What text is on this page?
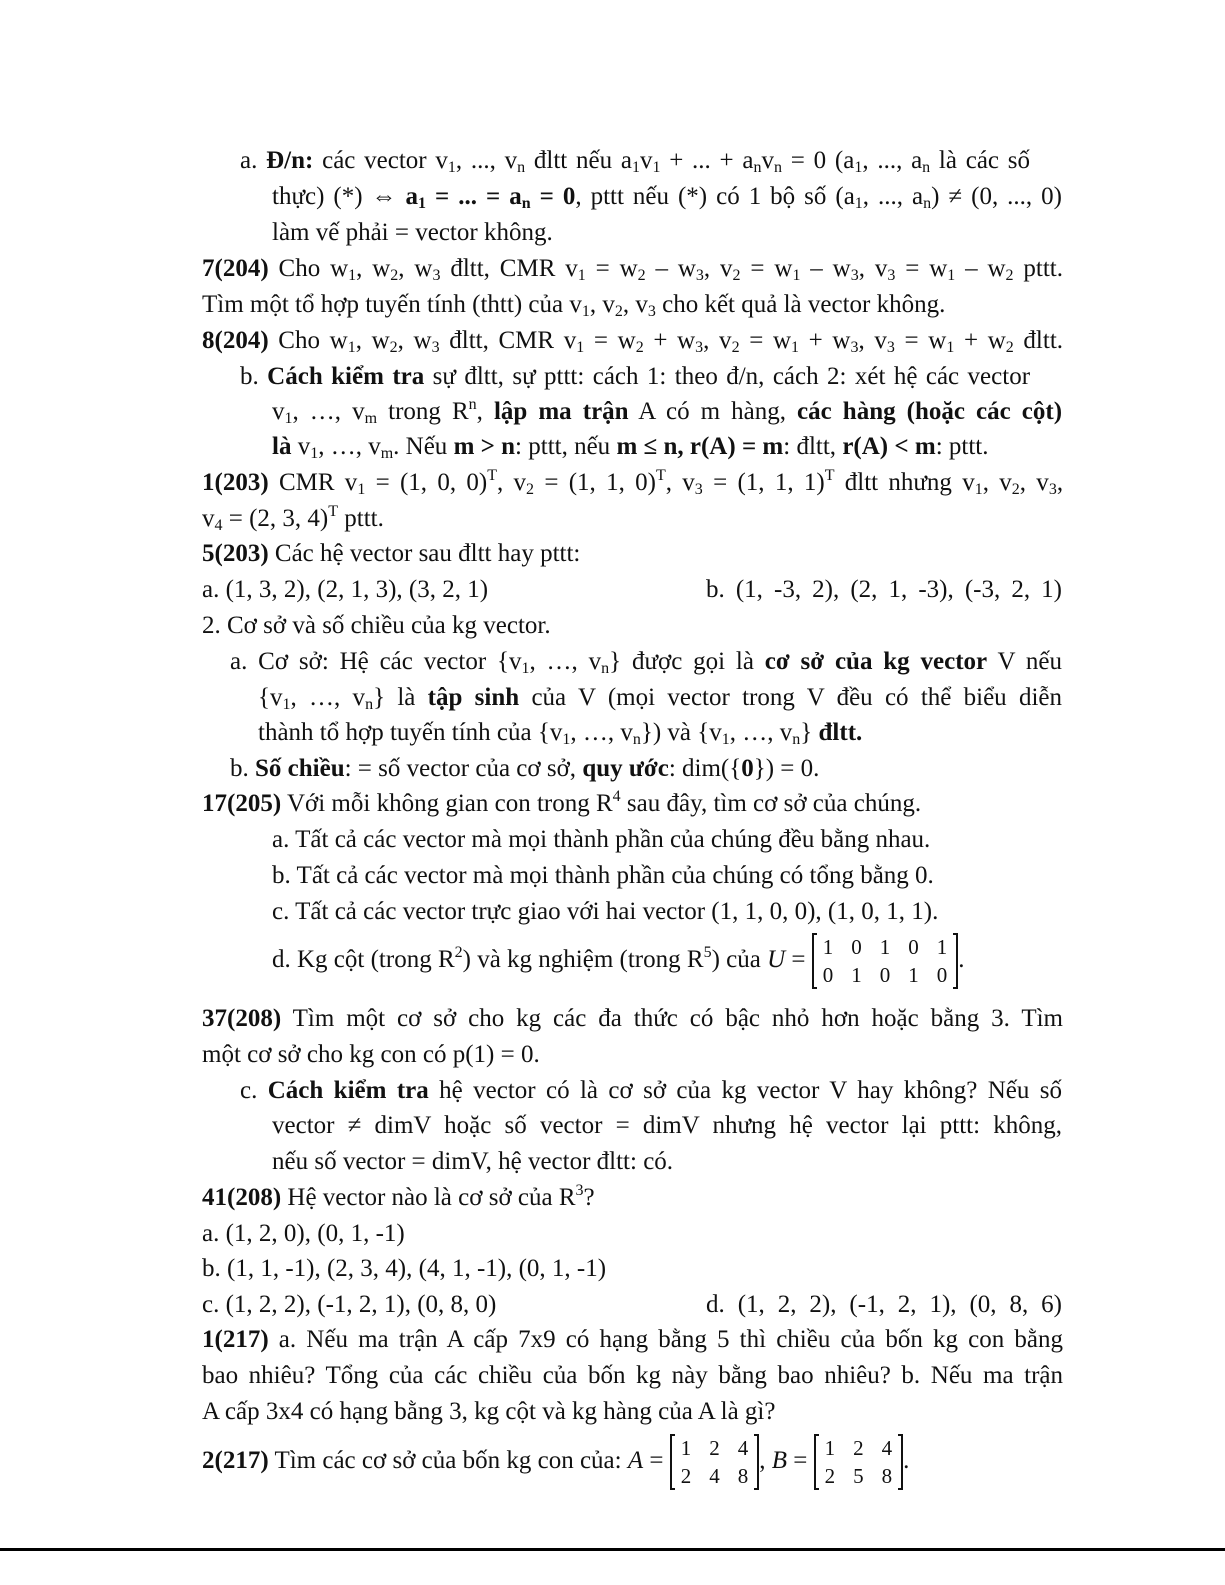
a. Đ/n: các vector $v_1$, ..., $v_n$ đltt nếu $a_1v_1$ + ... + $a_nv_n = 0$ ($a_1$, ..., $a_n$ là các số
thực) (*) ⇔ $a_1$ = ... = $a_n = 0$, pttt nếu (*) có 1 bộ số ($a_1$, ..., $a_n) \ne (0$, ..., 0)
làm vế phải = vector không.
7(204) Cho $w_1$, $w_2$, $w_3$ đltt, CMR $v_1 = w_2 - w_3$, $v_2 = w_1 - w_3$, $v_3 = w_1 - w_2$ pttt.
Tìm một tổ hợp tuyến tính (thtt) của $v_1$, $v_2$, $v_3$ cho kết quả là vector không.
8(204) Cho $w_1$, $w_2$, $w_3$ đltt, CMR $v_1 = w_2 + w_3$, $v_2 = w_1 + w_3$, $v_3 = w_1 + w_2$ đltt.
b. Cách kiểm tra sự đltt, sự pttt: cách 1: theo đ/n, cách 2: xét hệ các vector
$v_1$, …, $v_m$ trong $R^n$, lập ma trận A có m hàng, các hàng (hoặc các cột)
là $v_1$, …, $v_m$. Nếu m > n: pttt, nếu m ≤ n, r(A) = m: đltt, r(A) < m: pttt.
1(203) CMR $v_1 = (1$, 0, 0)$^T$, $v_2 = (1$, 1, 0)$^T$, $v_3 = (1$, 1, 1)$^T$ đltt nhưng $v_1$, $v_2$, $v_3$,
$v_4 = (2$, 3, 4)$^T$ pttt.
5(203) Các hệ vector sau đltt hay pttt:
a. (1, 3, 2), (2, 1, 3), (3, 2, 1)	b. (1, -3, 2), (2, 1, -3), (-3, 2, 1)
2. Cơ sở và số chiều của kg vector.
a. Cơ sở: Hệ các vector {$v_1$, …, $v_n$} được gọi là cơ sở của kg vector V nếu
{$v_1$, …, $v_n$} là tập sinh của V (mọi vector trong V đều có thể biểu diễn
thành tổ hợp tuyến tính của {$v_1$, …, $v_n$}) và {$v_1$, …, $v_n$} đltt.
b. Số chiều: = số vector của cơ sở, quy ước: dim({0}) = 0.
17(205) Với mỗi không gian con trong $R^4$ sau đây, tìm cơ sở của chúng.
a. Tất cả các vector mà mọi thành phần của chúng đều bằng nhau.
b. Tất cả các vector mà mọi thành phần của chúng có tổng bằng 0.
c. Tất cả các vector trực giao với hai vector (1, 1, 0, 0), (1, 0, 1, 1).
d. Kg cột (trong $R^2$) và kg nghiệm (trong $R^5$) của U = 1	0	1	0	1
0	1	0	1	0
.
37(208) Tìm một cơ sở cho kg các đa thức có bậc nhỏ hơn hoặc bằng 3. Tìm
một cơ sở cho kg con có p(1) = 0.
c. Cách kiểm tra hệ vector có là cơ sở của kg vector V hay không? Nếu số
vector ≠ dimV hoặc số vector = dimV nhưng hệ vector lại pttt: không,
nếu số vector = dimV, hệ vector đltt: có.
41(208) Hệ vector nào là cơ sở của $R^3$?
a. (1, 2, 0), (0, 1, -1)
b. (1, 1, -1), (2, 3, 4), (4, 1, -1), (0, 1, -1)
c. (1, 2, 2), (-1, 2, 1), (0, 8, 0)	d. (1, 2, 2), (-1, 2, 1), (0, 8, 6)
1(217) a. Nếu ma trận A cấp 7x9 có hạng bằng 5 thì chiều của bốn kg con bằng
bao nhiêu? Tổng của các chiều của bốn kg này bằng bao nhiêu? b. Nếu ma trận
A cấp 3x4 có hạng bằng 3, kg cột và kg hàng của A là gì?
2(217) Tìm các cơ sở của bốn kg con của: A = 1	2	4
2	4	8
, B = 1	2	4
2	5	8
.
